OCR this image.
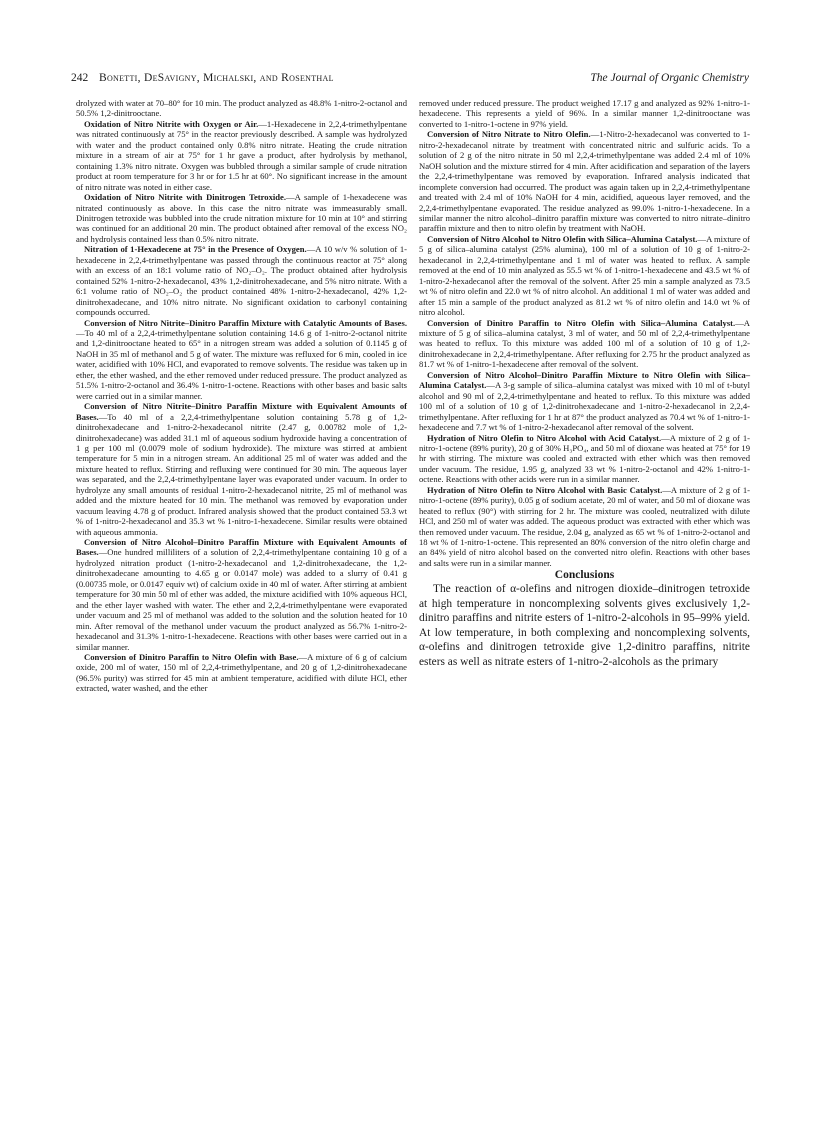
242 Bonetti, DeSavigny, Michalski, and Rosenthal	The Journal of Organic Chemistry

drolyzed with water at 70–80° for 10 min. The product analyzed as 48.8% 1-nitro-2-octanol and 50.5% 1,2-dinitrooctane.

Oxidation of Nitro Nitrite with Oxygen or Air.—1-Hexadecene in 2,2,4-trimethylpentane was nitrated continuously at 75° in the reactor previously described. A sample was hydrolyzed with water and the product contained only 0.8% nitro nitrate. Heating the crude nitration mixture in a stream of air at 75° for 1 hr gave a product, after hydrolysis by methanol, containing 1.3% nitro nitrate. Oxygen was bubbled through a similar sample of crude nitration product at room temperature for 3 hr or for 1.5 hr at 60°. No significant increase in the amount of nitro nitrate was noted in either case.

Oxidation of Nitro Nitrite with Dinitrogen Tetroxide.—A sample of 1-hexadecene was nitrated continuously as above. In this case the nitro nitrate was immeasurably small. Dinitrogen tetroxide was bubbled into the crude nitration mixture for 10 min at 10° and stirring was continued for an additional 20 min. The product obtained after removal of the excess NO₂ and hydrolysis contained less than 0.5% nitro nitrate.

Nitration of 1-Hexadecene at 75° in the Presence of Oxygen.—A 10 w/v % solution of 1-hexadecene in 2,2,4-trimethylpentane was passed through the continuous reactor at 75° along with an excess of an 18:1 volume ratio of NO₂–O₂. The product obtained after hydrolysis contained 52% 1-nitro-2-hexadecanol, 43% 1,2-dinitrohexadecane, and 5% nitro nitrate. With a 6:1 volume ratio of NO₂–O₂ the product contained 48% 1-nitro-2-hexadecanol, 42% 1,2-dinitrohexadecane, and 10% nitro nitrate. No significant oxidation to carbonyl containing compounds occurred.

Conversion of Nitro Nitrite–Dinitro Paraffin Mixture with Catalytic Amounts of Bases.—To 40 ml of a 2,2,4-trimethylpentane solution containing 14.6 g of 1-nitro-2-octanol nitrite and 1,2-dinitrooctane heated to 65° in a nitrogen stream was added a solution of 0.1145 g of NaOH in 35 ml of methanol and 5 g of water. The mixture was refluxed for 6 min, cooled in ice water, acidified with 10% HCl, and evaporated to remove solvents. The residue was taken up in ether, the ether washed, and the ether removed under reduced pressure. The product analyzed as 51.5% 1-nitro-2-octanol and 36.4% 1-nitro-1-octene. Reactions with other bases and basic salts were carried out in a similar manner.

Conversion of Nitro Nitrite–Dinitro Paraffin Mixture with Equivalent Amounts of Bases.—To 40 ml of a 2,2,4-trimethylpentane solution containing 5.78 g of 1,2-dinitrohexadecane and 1-nitro-2-hexadecanol nitrite (2.47 g, 0.00782 mole of 1,2-dinitrohexadecane) was added 31.1 ml of aqueous sodium hydroxide having a concentration of 1 g per 100 ml (0.0079 mole of sodium hydroxide). The mixture was stirred at ambient temperature for 5 min in a nitrogen stream. An additional 25 ml of water was added and the mixture heated to reflux. Stirring and refluxing were continued for 30 min. The aqueous layer was separated, and the 2,2,4-trimethylpentane layer was evaporated under vacuum. In order to hydrolyze any small amounts of residual 1-nitro-2-hexadecanol nitrite, 25 ml of methanol was added and the mixture heated for 10 min. The methanol was removed by evaporation under vacuum leaving 4.78 g of product. Infrared analysis showed that the product contained 53.3 wt % of 1-nitro-2-hexadecanol and 35.3 wt % 1-nitro-1-hexadecene. Similar results were obtained with aqueous ammonia.

Conversion of Nitro Alcohol–Dinitro Paraffin Mixture with Equivalent Amounts of Bases.—One hundred milliliters of a solution of 2,2,4-trimethylpentane containing 10 g of a hydrolyzed nitration product (1-nitro-2-hexadecanol and 1,2-dinitrohexadecane, the 1,2-dinitrohexadecane amounting to 4.65 g or 0.0147 mole) was added to a slurry of 0.41 g (0.00735 mole, or 0.0147 equiv wt) of calcium oxide in 40 ml of water. After stirring at ambient temperature for 30 min 50 ml of ether was added, the mixture acidified with 10% aqueous HCl, and the ether layer washed with water. The ether and 2,2,4-trimethylpentane were evaporated under vacuum and 25 ml of methanol was added to the solution and the solution heated for 10 min. After removal of the methanol under vacuum the product analyzed as 56.7% 1-nitro-2-hexadecanol and 31.3% 1-nitro-1-hexadecene. Reactions with other bases were carried out in a similar manner.

Conversion of Dinitro Paraffin to Nitro Olefin with Base.—A mixture of 6 g of calcium oxide, 200 ml of water, 150 ml of 2,2,4-trimethylpentane, and 20 g of 1,2-dinitrohexadecane (96.5% purity) was stirred for 45 min at ambient temperature, acidified with dilute HCl, ether extracted, water washed, and the ether

removed under reduced pressure. The product weighed 17.17 g and analyzed as 92% 1-nitro-1-hexadecene. This represents a yield of 96%. In a similar manner 1,2-dinitrooctane was converted to 1-nitro-1-octene in 97% yield.

Conversion of Nitro Nitrate to Nitro Olefin.—1-Nitro-2-hexadecanol was converted to 1-nitro-2-hexadecanol nitrate by treatment with concentrated nitric and sulfuric acids. To a solution of 2 g of the nitro nitrate in 50 ml 2,2,4-trimethylpentane was added 2.4 ml of 10% NaOH solution and the mixture stirred for 4 min. After acidification and separation of the layers the 2,2,4-trimethylpentane was removed by evaporation. Infrared analysis indicated that incomplete conversion had occurred. The product was again taken up in 2,2,4-trimethylpentane and treated with 2.4 ml of 10% NaOH for 4 min, acidified, aqueous layer removed, and the 2,2,4-trimethylpentane evaporated. The residue analyzed as 99.0% 1-nitro-1-hexadecene. In a similar manner the nitro alcohol–dinitro paraffin mixture was converted to nitro nitrate–dinitro paraffin mixture and then to nitro olefin by treatment with NaOH.

Conversion of Nitro Alcohol to Nitro Olefin with Silica–Alumina Catalyst.—A mixture of 5 g of silica–alumina catalyst (25% alumina), 100 ml of a solution of 10 g of 1-nitro-2-hexadecanol in 2,2,4-trimethylpentane and 1 ml of water was heated to reflux. A sample removed at the end of 10 min analyzed as 55.5 wt % of 1-nitro-1-hexadecene and 43.5 wt % of 1-nitro-2-hexadecanol after the removal of the solvent. After 25 min a sample analyzed as 73.5 wt % of nitro olefin and 22.0 wt % of nitro alcohol. An additional 1 ml of water was added and after 15 min a sample of the product analyzed as 81.2 wt % of nitro olefin and 14.0 wt % of nitro alcohol.

Conversion of Dinitro Paraffin to Nitro Olefin with Silica–Alumina Catalyst.—A mixture of 5 g of silica–alumina catalyst, 3 ml of water, and 50 ml of 2,2,4-trimethylpentane was heated to reflux. To this mixture was added 100 ml of a solution of 10 g of 1,2-dinitrohexadecane in 2,2,4-trimethylpentane. After refluxing for 2.75 hr the product analyzed as 81.7 wt % of 1-nitro-1-hexadecene after removal of the solvent.

Conversion of Nitro Alcohol–Dinitro Paraffin Mixture to Nitro Olefin with Silica–Alumina Catalyst.—A 3-g sample of silica–alumina catalyst was mixed with 10 ml of t-butyl alcohol and 90 ml of 2,2,4-trimethylpentane and heated to reflux. To this mixture was added 100 ml of a solution of 10 g of 1,2-dinitrohexadecane and 1-nitro-2-hexadecanol in 2,2,4-trimethylpentane. After refluxing for 1 hr at 87° the product analyzed as 70.4 wt % of 1-nitro-1-hexadecene and 7.7 wt % of 1-nitro-2-hexadecanol after removal of the solvent.

Hydration of Nitro Olefin to Nitro Alcohol with Acid Catalyst.—A mixture of 2 g of 1-nitro-1-octene (89% purity), 20 g of 30% H₃PO₄, and 50 ml of dioxane was heated at 75° for 19 hr with stirring. The mixture was cooled and extracted with ether which was then removed under vacuum. The residue, 1.95 g, analyzed 33 wt % 1-nitro-2-octanol and 42% 1-nitro-1-octene. Reactions with other acids were run in a similar manner.

Hydration of Nitro Olefin to Nitro Alcohol with Basic Catalyst.—A mixture of 2 g of 1-nitro-1-octene (89% purity), 0.05 g of sodium acetate, 20 ml of water, and 50 ml of dioxane was heated to reflux (90°) with stirring for 2 hr. The mixture was cooled, neutralized with dilute HCl, and 250 ml of water was added. The aqueous product was extracted with ether which was then removed under vacuum. The residue, 2.04 g, analyzed as 65 wt % of 1-nitro-2-octanol and 18 wt % of 1-nitro-1-octene. This represented an 80% conversion of the nitro olefin charge and an 84% yield of nitro alcohol based on the converted nitro olefin. Reactions with other bases and salts were run in a similar manner.

Conclusions

The reaction of α-olefins and nitrogen dioxide–dinitrogen tetroxide at high temperature in noncomplexing solvents gives exclusively 1,2-dinitro paraffins and nitrite esters of 1-nitro-2-alcohols in 95–99% yield. At low temperature, in both complexing and noncomplexing solvents, α-olefins and dinitrogen tetroxide give 1,2-dinitro paraffins, nitrite esters as well as nitrate esters of 1-nitro-2-alcohols as the primary
